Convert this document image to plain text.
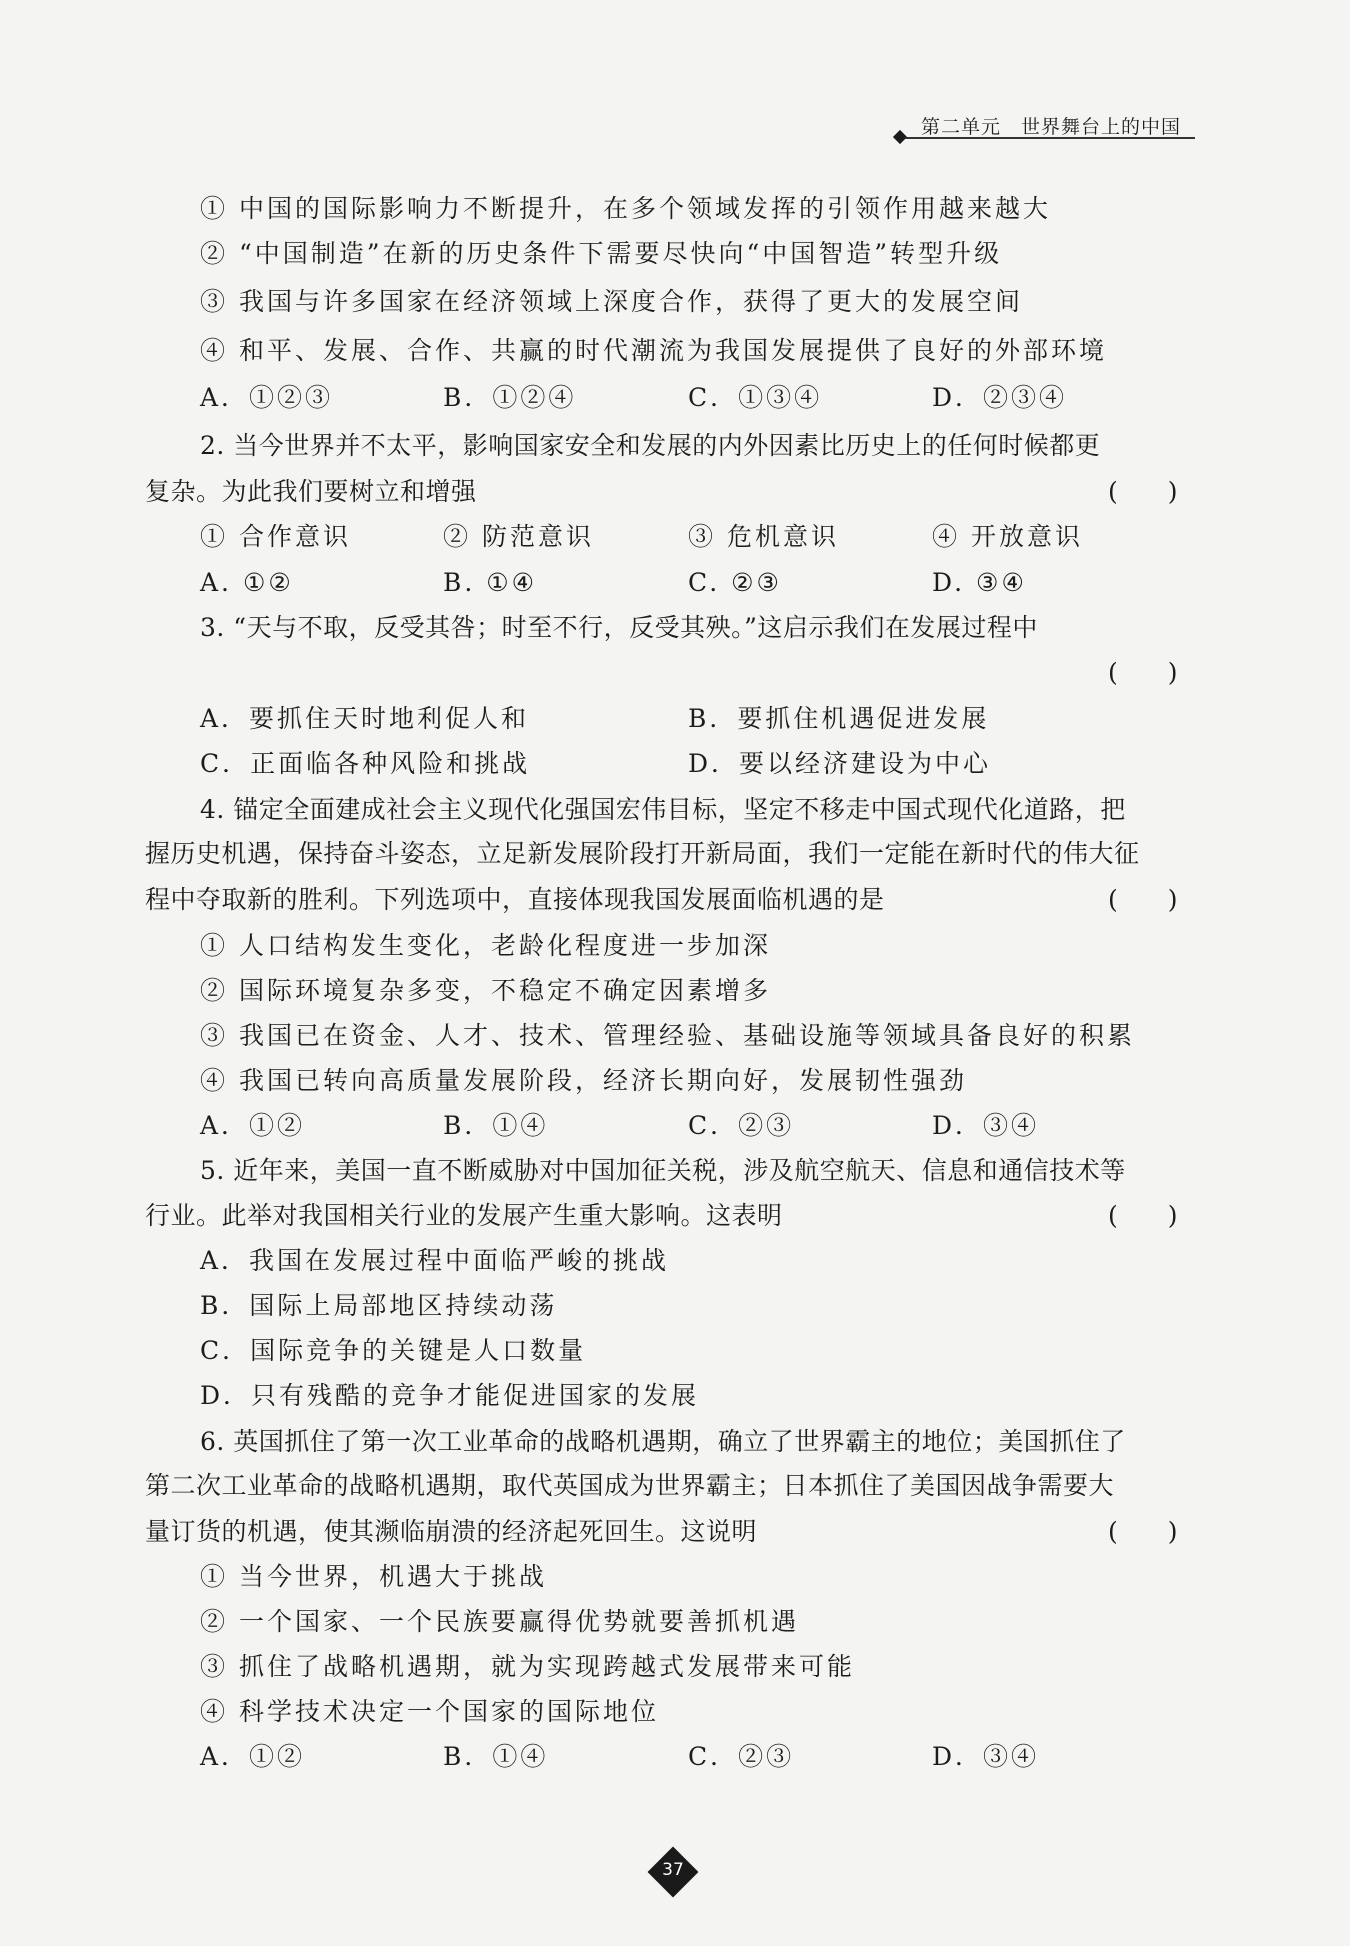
第二单元　世界舞台上的中国
① 中国的国际影响力不断提升，在多个领域发挥的引领作用越来越大
② “中国制造”在新的历史条件下需要尽快向“中国智造”转型升级
③ 我国与许多国家在经济领域上深度合作，获得了更大的发展空间
④ 和平、发展、合作、共赢的时代潮流为我国发展提供了良好的外部环境
A．①②③	B．①②④	C．①③④	D．②③④
2. 当今世界并不太平，影响国家安全和发展的内外因素比历史上的任何时候都更
复杂。为此我们要树立和增强
① 合作意识	② 防范意识	③ 危机意识	④ 开放意识
A. ①②	B. ①④	C. ②③	D. ③④
3. “天与不取，反受其咎；时至不行，反受其殃。”这启示我们在发展过程中
A．要抓住天时地利促人和	B．要抓住机遇促进发展
C．正面临各种风险和挑战	D．要以经济建设为中心
4. 锚定全面建成社会主义现代化强国宏伟目标，坚定不移走中国式现代化道路，把
握历史机遇，保持奋斗姿态，立足新发展阶段打开新局面，我们一定能在新时代的伟大征
程中夺取新的胜利。下列选项中，直接体现我国发展面临机遇的是
① 人口结构发生变化，老龄化程度进一步加深
② 国际环境复杂多变，不稳定不确定因素增多
③ 我国已在资金、人才、技术、管理经验、基础设施等领域具备良好的积累
④ 我国已转向高质量发展阶段，经济长期向好，发展韧性强劲
A．①②	B．①④	C．②③	D．③④
5. 近年来，美国一直不断威胁对中国加征关税，涉及航空航天、信息和通信技术等
行业。此举对我国相关行业的发展产生重大影响。这表明
A．我国在发展过程中面临严峻的挑战
B．国际上局部地区持续动荡
C．国际竞争的关键是人口数量
D．只有残酷的竞争才能促进国家的发展
6. 英国抓住了第一次工业革命的战略机遇期，确立了世界霸主的地位；美国抓住了
第二次工业革命的战略机遇期，取代英国成为世界霸主；日本抓住了美国因战争需要大
量订货的机遇，使其濒临崩溃的经济起死回生。这说明
① 当今世界，机遇大于挑战
② 一个国家、一个民族要赢得优势就要善抓机遇
③ 抓住了战略机遇期，就为实现跨越式发展带来可能
④ 科学技术决定一个国家的国际地位
A．①②	B．①④	C．②③	D．③④
(　　)
(　　)
(　　)
(　　)
(　　)
37
